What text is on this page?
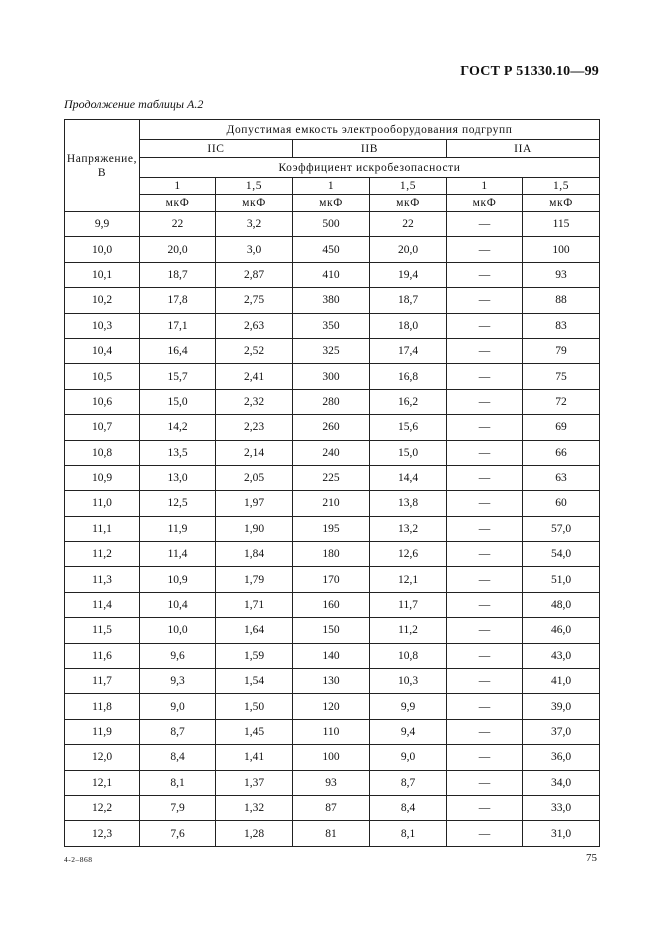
ГОСТ Р 51330.10—99
Продолжение таблицы А.2
Напряжение,
В	Допустимая емкость электрооборудования подгрупп					
	IIC		IIB		IIA	
	Коэффициент искробезопасности					
	1	1,5	1	1,5	1	1,5
	мкФ	мкФ	мкФ	мкФ	мкФ	мкФ
9,9	22	3,2	500	22	—	115
10,0	20,0	3,0	450	20,0	—	100
10,1	18,7	2,87	410	19,4	—	93
10,2	17,8	2,75	380	18,7	—	88
10,3	17,1	2,63	350	18,0	—	83
10,4	16,4	2,52	325	17,4	—	79
10,5	15,7	2,41	300	16,8	—	75
10,6	15,0	2,32	280	16,2	—	72
10,7	14,2	2,23	260	15,6	—	69
10,8	13,5	2,14	240	15,0	—	66
10,9	13,0	2,05	225	14,4	—	63
11,0	12,5	1,97	210	13,8	—	60
11,1	11,9	1,90	195	13,2	—	57,0
11,2	11,4	1,84	180	12,6	—	54,0
11,3	10,9	1,79	170	12,1	—	51,0
11,4	10,4	1,71	160	11,7	—	48,0
11,5	10,0	1,64	150	11,2	—	46,0
11,6	9,6	1,59	140	10,8	—	43,0
11,7	9,3	1,54	130	10,3	—	41,0
11,8	9,0	1,50	120	9,9	—	39,0
11,9	8,7	1,45	110	9,4	—	37,0
12,0	8,4	1,41	100	9,0	—	36,0
12,1	8,1	1,37	93	8,7	—	34,0
12,2	7,9	1,32	87	8,4	—	33,0
12,3	7,6	1,28	81	8,1	—	31,0
4-2–868	75
